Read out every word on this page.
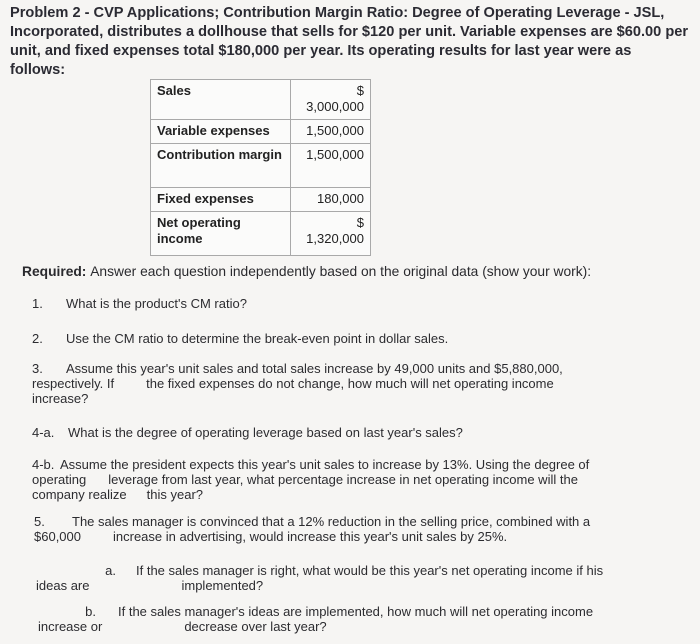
Problem 2 - CVP Applications; Contribution Margin Ratio: Degree of Operating Leverage - JSL, Incorporated, distributes a dollhouse that sells for $120 per unit. Variable expenses are $60.00 per unit, and fixed expenses total $180,000 per year. Its operating results for last year were as follows:
Sales	$ 3,000,000
Variable expenses	1,500,000
Contribution margin	1,500,000
Fixed expenses	180,000
Net operating income	$ 1,320,000
Required: Answer each question independently based on the original data (show your work):
1. What is the product's CM ratio?
2. Use the CM ratio to determine the break-even point in dollar sales.
3. Assume this year's unit sales and total sales increase by 49,000 units and $5,880,000,
respectively. If the fixed expenses do not change, how much will net operating income
increase?
4-a. What is the degree of operating leverage based on last year's sales?
4-b. Assume the president expects this year's unit sales to increase by 13%. Using the degree of
operating leverage from last year, what percentage increase in net operating income will the
company realize this year?
5. The sales manager is convinced that a 12% reduction in the selling price, combined with a
$60,000 increase in advertising, would increase this year's unit sales by 25%.
a. If the sales manager is right, what would be this year's net operating income if his
ideas are	implemented?
b. If the sales manager's ideas are implemented, how much will net operating income
increase or	decrease over last year?
